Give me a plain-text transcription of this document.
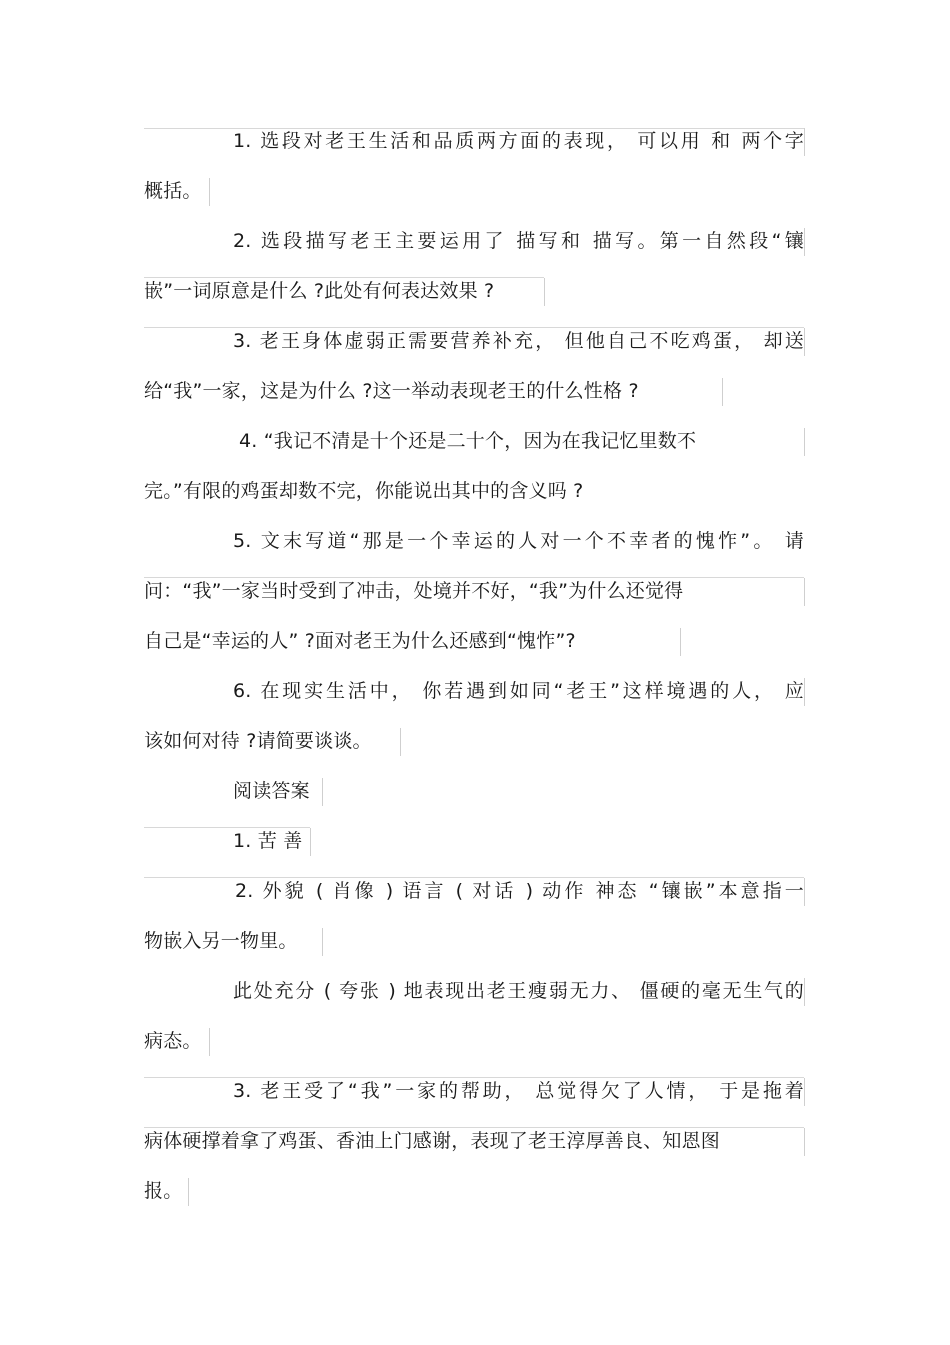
1. 选段对老王生活和品质两方面的表现， 可以用 和 两个字
概括。
2. 选段描写老王主要运用了 描写和 描写。第一自然段“镶
嵌”一词原意是什么 ?此处有何表达效果 ?
3. 老王身体虚弱正需要营养补充， 但他自己不吃鸡蛋， 却送
给“我”一家，这是为什么 ?这一举动表现老王的什么性格 ?
4. “我记不清是十个还是二十个，因为在我记忆里数不
完。”有限的鸡蛋却数不完，你能说出其中的含义吗 ?
5. 文末写道“那是一个幸运的人对一个不幸者的愧怍”。 请
问：“我”一家当时受到了冲击，处境并不好，“我”为什么还觉得
自己是“幸运的人” ?面对老王为什么还感到“愧怍”?
6. 在现实生活中， 你若遇到如同“老王”这样境遇的人， 应
该如何对待 ?请简要谈谈。
阅读答案
1. 苦 善
2. 外貌 ( 肖像 ) 语言 ( 对话 ) 动作 神态 “镶嵌”本意指一
物嵌入另一物里。
此处充分 ( 夸张 ) 地表现出老王瘦弱无力、 僵硬的毫无生气的
病态。
3. 老王受了“我”一家的帮助， 总觉得欠了人情， 于是拖着
病体硬撑着拿了鸡蛋、香油上门感谢，表现了老王淳厚善良、知恩图
报。
